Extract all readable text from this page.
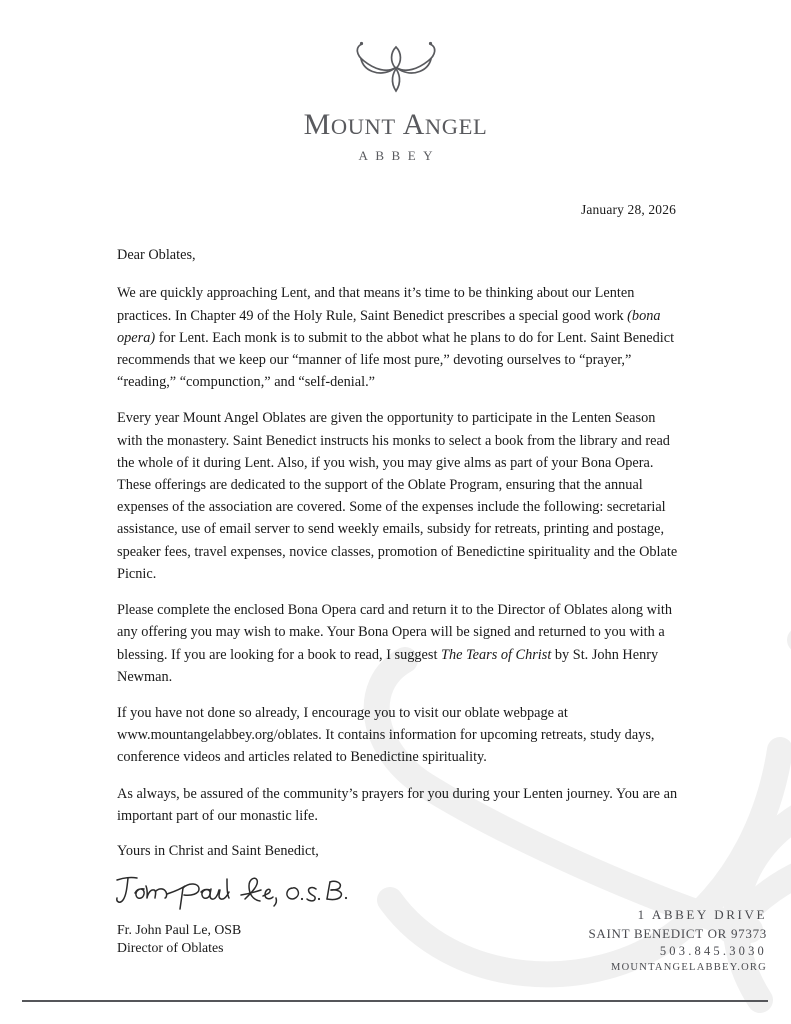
MOUNT ANGEL
ABBEY
January 28, 2026

Dear Oblates,

We are quickly approaching Lent, and that means it’s time to be thinking about our Lenten practices. In Chapter 49 of the Holy Rule, Saint Benedict prescribes a special good work (bona opera) for Lent. Each monk is to submit to the abbot what he plans to do for Lent. Saint Benedict recommends that we keep our “manner of life most pure,” devoting ourselves to “prayer,” “reading,” “compunction,” and “self-denial.”

Every year Mount Angel Oblates are given the opportunity to participate in the Lenten Season with the monastery. Saint Benedict instructs his monks to select a book from the library and read the whole of it during Lent. Also, if you wish, you may give alms as part of your Bona Opera. These offerings are dedicated to the support of the Oblate Program, ensuring that the annual expenses of the association are covered. Some of the expenses include the following: secretarial assistance, use of email server to send weekly emails, subsidy for retreats, printing and postage, speaker fees, travel expenses, novice classes, promotion of Benedictine spirituality and the Oblate Picnic.

Please complete the enclosed Bona Opera card and return it to the Director of Oblates along with any offering you may wish to make. Your Bona Opera will be signed and returned to you with a blessing. If you are looking for a book to read, I suggest The Tears of Christ by St. John Henry Newman.

If you have not done so already, I encourage you to visit our oblate webpage at www.mountangelabbey.org/oblates. It contains information for upcoming retreats, study days, conference videos and articles related to Benedictine spirituality.

As always, be assured of the community’s prayers for you during your Lenten journey. You are an important part of our monastic life.

Yours in Christ and Saint Benedict,

Fr. John Paul Le, OSB
Director of Oblates
1 ABBEY DRIVE
SAINT BENEDICT OR 97373
503.845.3030
MOUNTANGELABBEY.ORG
